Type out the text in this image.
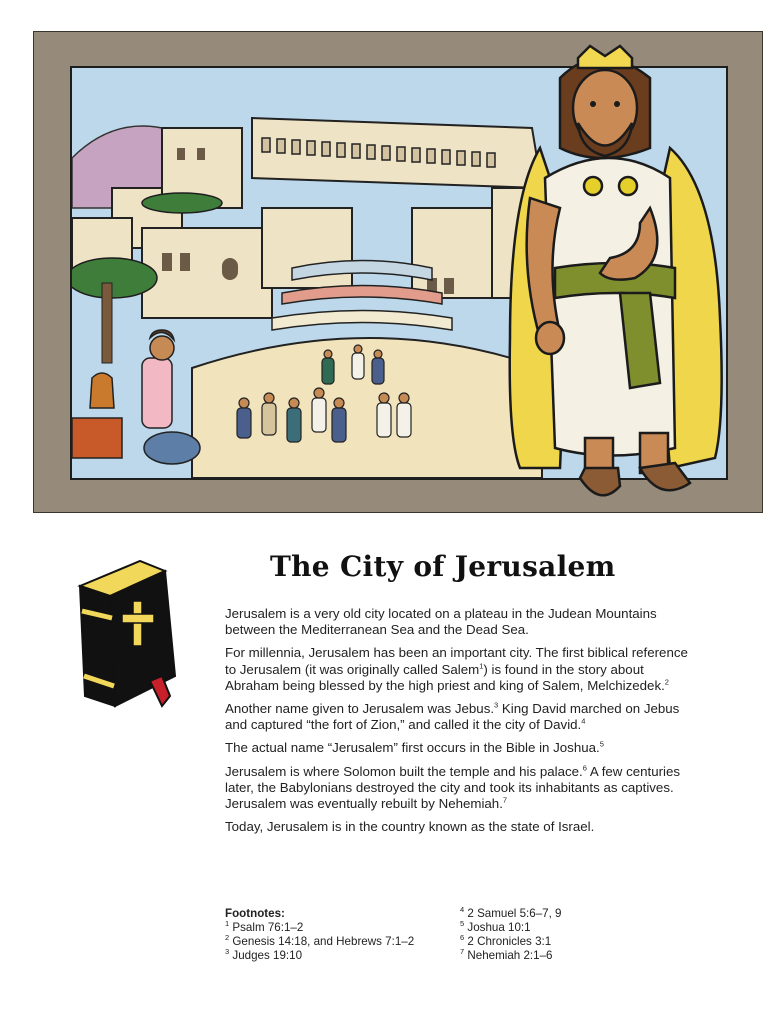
The City of Jerusalem

Jerusalem is a very old city located on a plateau in the Judean Mountains between the Mediterranean Sea and the Dead Sea.

For millennia, Jerusalem has been an important city. The first biblical reference to Jerusalem (it was originally called Salem$^1$) is found in the story about Abraham being blessed by the high priest and king of Salem, Melchizedek.$^2$

Another name given to Jerusalem was Jebus.$^3$ King David marched on Jebus and captured “the fort of Zion,” and called it the city of David.$^4$

The actual name “Jerusalem” first occurs in the Bible in Joshua.$^5$

Jerusalem is where Solomon built the temple and his palace.$^6$ A few centuries later, the Babylonians destroyed the city and took its inhabitants as captives. Jerusalem was eventually rebuilt by Nehemiah.$^7$

Today, Jerusalem is in the country known as the state of Israel.

Footnotes:
$^1$ Psalm 76:1–2
$^2$ Genesis 14:18, and Hebrews 7:1–2
$^3$ Judges 19:10
$^4$ 2 Samuel 5:6–7, 9
$^5$ Joshua 10:1
$^6$ 2 Chronicles 3:1
$^7$ Nehemiah 2:1–6
